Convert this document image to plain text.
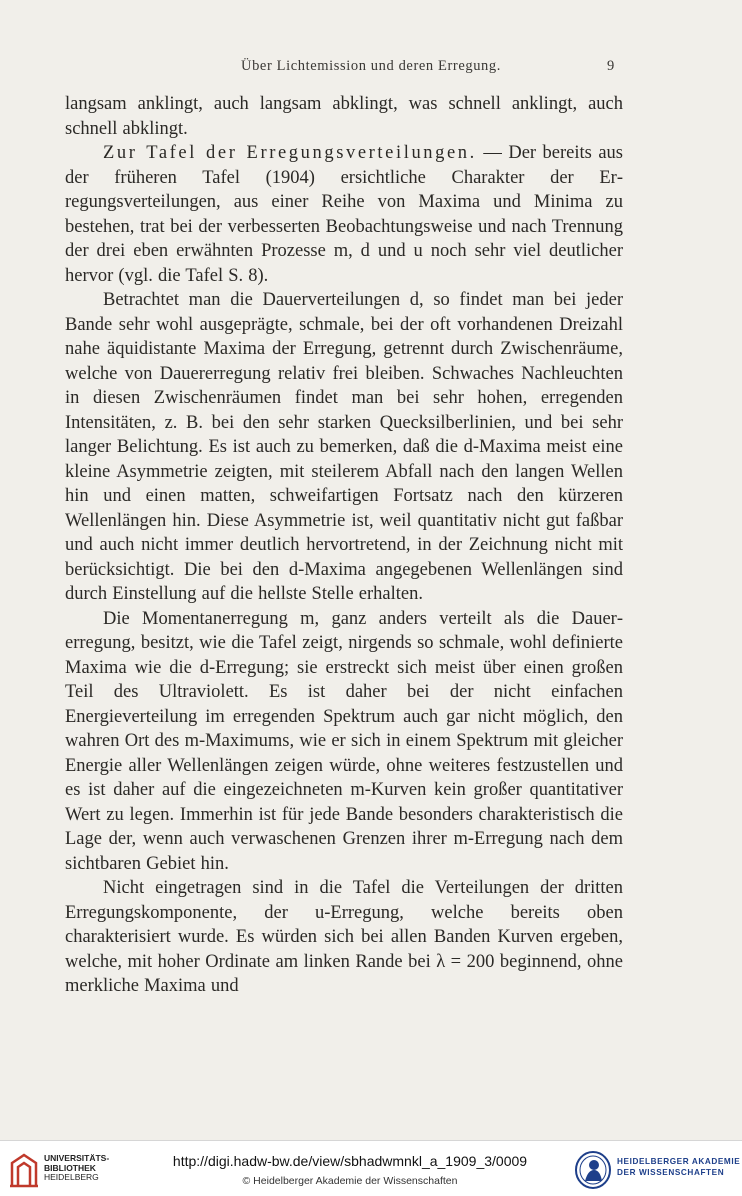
Über Lichtemission und deren Erregung.	9

langsam anklingt, auch langsam abklingt, was schnell anklingt, auch schnell abklingt.

Zur Tafel der Erregungsverteilungen. — Der bereits aus der früheren Tafel (1904) ersichtliche Charakter der Erregungsverteilungen, aus einer Reihe von Maxima und Minima zu bestehen, trat bei der verbesserten Beobachtungsweise und nach Trennung der drei eben erwähnten Prozesse m, d und u noch sehr viel deutlicher hervor (vgl. die Tafel S. 8).

Betrachtet man die Dauerverteilungen d, so findet man bei jeder Bande sehr wohl ausgeprägte, schmale, bei der oft vorhandenen Dreizahl nahe äquidistante Maxima der Erregung, getrennt durch Zwischenräume, welche von Dauererregung relativ frei bleiben. Schwaches Nachleuchten in diesen Zwischenräumen findet man bei sehr hohen, erregenden Intensitäten, z. B. bei den sehr starken Quecksilberlinien, und bei sehr langer Belichtung. Es ist auch zu bemerken, daß die d-Maxima meist eine kleine Asymmetrie zeigten, mit steilerem Abfall nach den langen Wellen hin und einen matten, schweifartigen Fortsatz nach den kürzeren Wellenlängen hin. Diese Asymmetrie ist, weil quantitativ nicht gut faßbar und auch nicht immer deutlich hervortretend, in der Zeichnung nicht mit berücksichtigt. Die bei den d-Maxima angegebenen Wellenlängen sind durch Einstellung auf die hellste Stelle erhalten.

Die Momentanerregung m, ganz anders verteilt als die Dauererregung, besitzt, wie die Tafel zeigt, nirgends so schmale, wohl definierte Maxima wie die d-Erregung; sie erstreckt sich meist über einen großen Teil des Ultraviolett. Es ist daher bei der nicht einfachen Energieverteilung im erregenden Spektrum auch gar nicht möglich, den wahren Ort des m-Maximums, wie er sich in einem Spektrum mit gleicher Energie aller Wellenlängen zeigen würde, ohne weiteres festzustellen und es ist daher auf die eingezeichneten m-Kurven kein großer quantitativer Wert zu legen. Immerhin ist für jede Bande besonders charakteristisch die Lage der, wenn auch verwaschenen Grenzen ihrer m-Erregung nach dem sichtbaren Gebiet hin.

Nicht eingetragen sind in die Tafel die Verteilungen der dritten Erregungskomponente, der u-Erregung, welche bereits oben charakterisiert wurde. Es würden sich bei allen Banden Kurven ergeben, welche, mit hoher Ordinate am linken Rande bei λ = 200 beginnend, ohne merkliche Maxima und

UNIVERSITÄTS-
BIBLIOTHEK
HEIDELBERG
http://digi.hadw-bw.de/view/sbhadwmnkl_a_1909_3/0009
© Heidelberger Akademie der Wissenschaften
HEIDELBERGER AKADEMIE
DER WISSENSCHAFTEN
